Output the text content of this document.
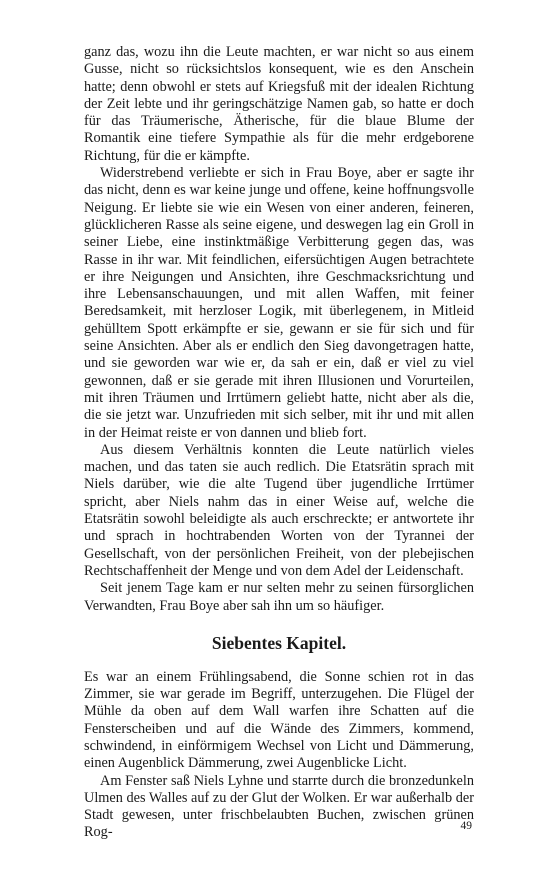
ganz das, wozu ihn die Leute machten, er war nicht so aus einem Gusse, nicht so rücksichtslos konsequent, wie es den Anschein hatte; denn obwohl er stets auf Kriegsfuß mit der idealen Richtung der Zeit lebte und ihr geringschätzige Namen gab, so hatte er doch für das Träumerische, Ätherische, für die blaue Blume der Romantik eine tiefere Sympathie als für die mehr erdgeborene Richtung, für die er kämpfte.

Widerstrebend verliebte er sich in Frau Boye, aber er sagte ihr das nicht, denn es war keine junge und offene, keine hoffnungsvolle Neigung. Er liebte sie wie ein Wesen von einer anderen, feineren, glücklicheren Rasse als seine eigene, und deswegen lag ein Groll in seiner Liebe, eine instinktmäßige Verbitterung gegen das, was Rasse in ihr war. Mit feindlichen, eifersüchtigen Augen betrachtete er ihre Neigungen und Ansichten, ihre Geschmacksrichtung und ihre Lebensanschauungen, und mit allen Waffen, mit feiner Beredsamkeit, mit herzloser Logik, mit überlegenem, in Mitleid gehülltem Spott erkämpfte er sie, gewann er sie für sich und für seine Ansichten. Aber als er endlich den Sieg davongetragen hatte, und sie geworden war wie er, da sah er ein, daß er viel zu viel gewonnen, daß er sie gerade mit ihren Illusionen und Vorurteilen, mit ihren Träumen und Irrtümern geliebt hatte, nicht aber als die, die sie jetzt war. Unzufrieden mit sich selber, mit ihr und mit allen in der Heimat reiste er von dannen und blieb fort.

Aus diesem Verhältnis konnten die Leute natürlich vieles machen, und das taten sie auch redlich. Die Etatsrätin sprach mit Niels darüber, wie die alte Tugend über jugendliche Irrtümer spricht, aber Niels nahm das in einer Weise auf, welche die Etatsrätin sowohl beleidigte als auch erschreckte; er antwortete ihr und sprach in hochtrabenden Worten von der Tyrannei der Gesellschaft, von der persönlichen Freiheit, von der plebejischen Rechtschaffenheit der Menge und von dem Adel der Leidenschaft.

Seit jenem Tage kam er nur selten mehr zu seinen fürsorglichen Verwandten, Frau Boye aber sah ihn um so häufiger.

Siebentes Kapitel.

Es war an einem Frühlingsabend, die Sonne schien rot in das Zimmer, sie war gerade im Begriff, unterzugehen. Die Flügel der Mühle da oben auf dem Wall warfen ihre Schatten auf die Fensterscheiben und auf die Wände des Zimmers, kommend, schwindend, in einförmigem Wechsel von Licht und Dämmerung, einen Augenblick Dämmerung, zwei Augenblicke Licht.

Am Fenster saß Niels Lyhne und starrte durch die bronzedunkeln Ulmen des Walles auf zu der Glut der Wolken. Er war außerhalb der Stadt gewesen, unter frischbelaubten Buchen, zwischen grünen Rog-	49
